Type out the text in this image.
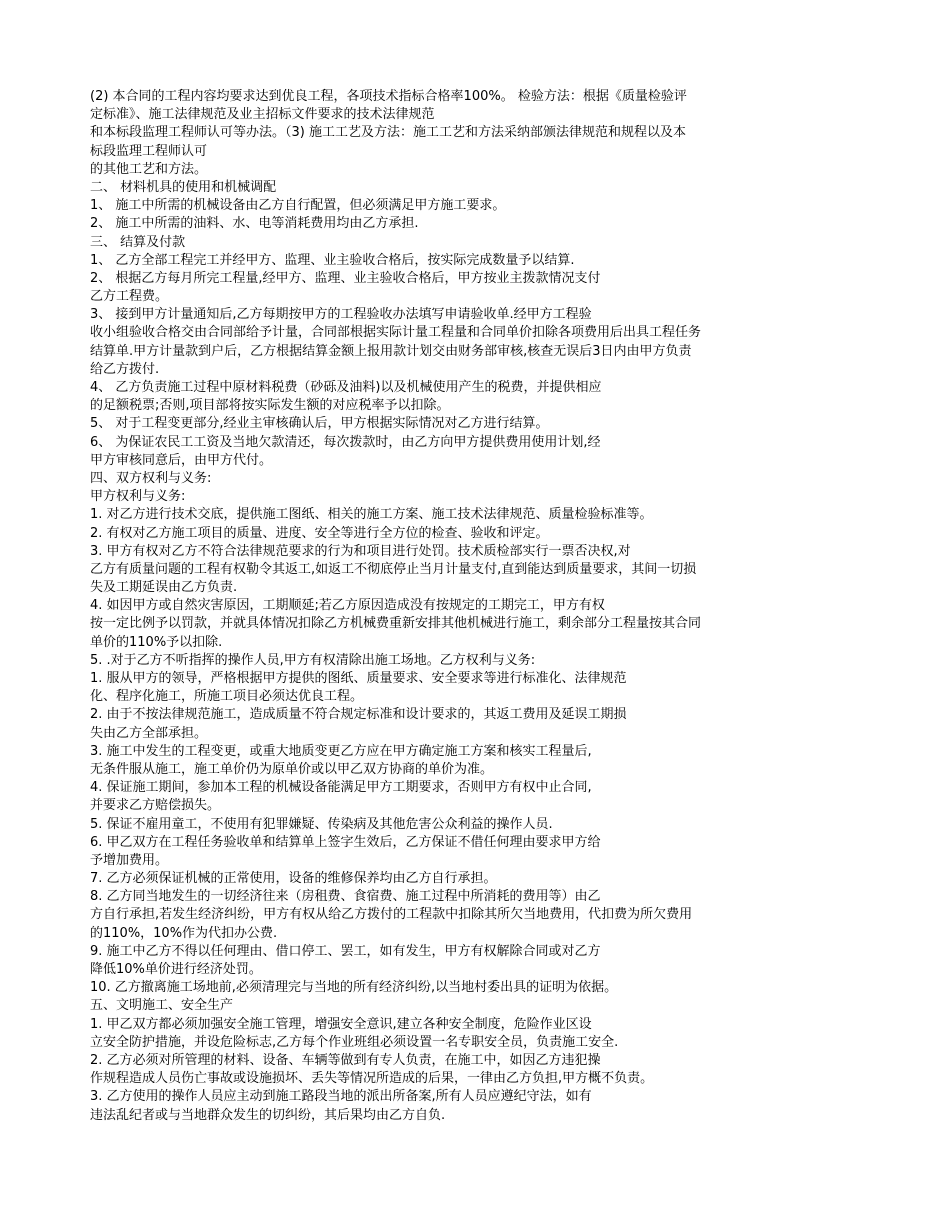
(2) 本合同的工程内容均要求达到优良工程，各项技术指标合格率100%。 检验方法：根据《质量检验评
定标准》、施工法律规范及业主招标文件要求的技术法律规范
和本标段监理工程师认可等办法。（3) 施工工艺及方法：施工工艺和方法采纳部颁法律规范和规程以及本
标段监理工程师认可
的其他工艺和方法。
二、 材料机具的使用和机械调配
1、 施工中所需的机械设备由乙方自行配置，但必须满足甲方施工要求。
2、 施工中所需的油料、水、电等消耗费用均由乙方承担.
三、 结算及付款
1、 乙方全部工程完工并经甲方、监理、业主验收合格后，按实际完成数量予以结算.
2、 根据乙方每月所完工程量,经甲方、监理、业主验收合格后，甲方按业主拨款情况支付
乙方工程费。
3、 接到甲方计量通知后,乙方每期按甲方的工程验收办法填写申请验收单.经甲方工程验
收小组验收合格交由合同部给予计量，合同部根据实际计量工程量和合同单价扣除各项费用后出具工程任务
结算单.甲方计量款到户后，乙方根据结算金额上报用款计划交由财务部审核,核查无误后3日内由甲方负责
给乙方拨付.
4、 乙方负责施工过程中原材料税费（砂砾及油料)以及机械使用产生的税费，并提供相应
的足额税票;否则,项目部将按实际发生额的对应税率予以扣除。
5、 对于工程变更部分,经业主审核确认后，甲方根据实际情况对乙方进行结算。
6、 为保证农民工工资及当地欠款清还，每次拨款时，由乙方向甲方提供费用使用计划,经
甲方审核同意后，由甲方代付。
四、双方权利与义务:
甲方权利与义务:
1. 对乙方进行技术交底，提供施工图纸、相关的施工方案、施工技术法律规范、质量检验标准等。
2. 有权对乙方施工项目的质量、进度、安全等进行全方位的检查、验收和评定。
3. 甲方有权对乙方不符合法律规范要求的行为和项目进行处罚。技术质检部实行一票否决权,对
乙方有质量问题的工程有权勒令其返工,如返工不彻底停止当月计量支付,直到能达到质量要求，其间一切损
失及工期延误由乙方负责.
4. 如因甲方或自然灾害原因，工期顺延;若乙方原因造成没有按规定的工期完工，甲方有权
按一定比例予以罚款，并就具体情况扣除乙方机械费重新安排其他机械进行施工，剩余部分工程量按其合同
单价的110%予以扣除.
5. .对于乙方不听指挥的操作人员,甲方有权清除出施工场地。乙方权利与义务:
1. 服从甲方的领导，严格根据甲方提供的图纸、质量要求、安全要求等进行标准化、法律规范
化、程序化施工，所施工项目必须达优良工程。
2. 由于不按法律规范施工，造成质量不符合规定标准和设计要求的，其返工费用及延误工期损
失由乙方全部承担。
3. 施工中发生的工程变更，或重大地质变更乙方应在甲方确定施工方案和核实工程量后,
无条件服从施工，施工单价仍为原单价或以甲乙双方协商的单价为准。
4. 保证施工期间，参加本工程的机械设备能满足甲方工期要求，否则甲方有权中止合同,
并要求乙方赔偿损失。
5. 保证不雇用童工，不使用有犯罪嫌疑、传染病及其他危害公众利益的操作人员.
6. 甲乙双方在工程任务验收单和结算单上签字生效后，乙方保证不借任何理由要求甲方给
予增加费用。
7. 乙方必须保证机械的正常使用，设备的维修保养均由乙方自行承担。
8. 乙方同当地发生的一切经济往来（房租费、食宿费、施工过程中所消耗的费用等）由乙
方自行承担,若发生经济纠纷，甲方有权从给乙方拨付的工程款中扣除其所欠当地费用，代扣费为所欠费用
的110%，10%作为代扣办公费.
9. 施工中乙方不得以任何理由、借口停工、罢工，如有发生，甲方有权解除合同或对乙方
降低10%单价进行经济处罚。
10. 乙方撤离施工场地前,必须清理完与当地的所有经济纠纷,以当地村委出具的证明为依据。
五、文明施工、安全生产
1. 甲乙双方都必须加强安全施工管理，增强安全意识,建立各种安全制度，危险作业区设
立安全防护措施，并设危险标志,乙方每个作业班组必须设置一名专职安全员，负责施工安全.
2. 乙方必须对所管理的材料、设备、车辆等做到有专人负责，在施工中，如因乙方违犯操
作规程造成人员伤亡事故或设施损坏、丢失等情况所造成的后果，一律由乙方负担,甲方概不负责。
3. 乙方使用的操作人员应主动到施工路段当地的派出所备案,所有人员应遵纪守法，如有
违法乱纪者或与当地群众发生的切纠纷，其后果均由乙方自负.
